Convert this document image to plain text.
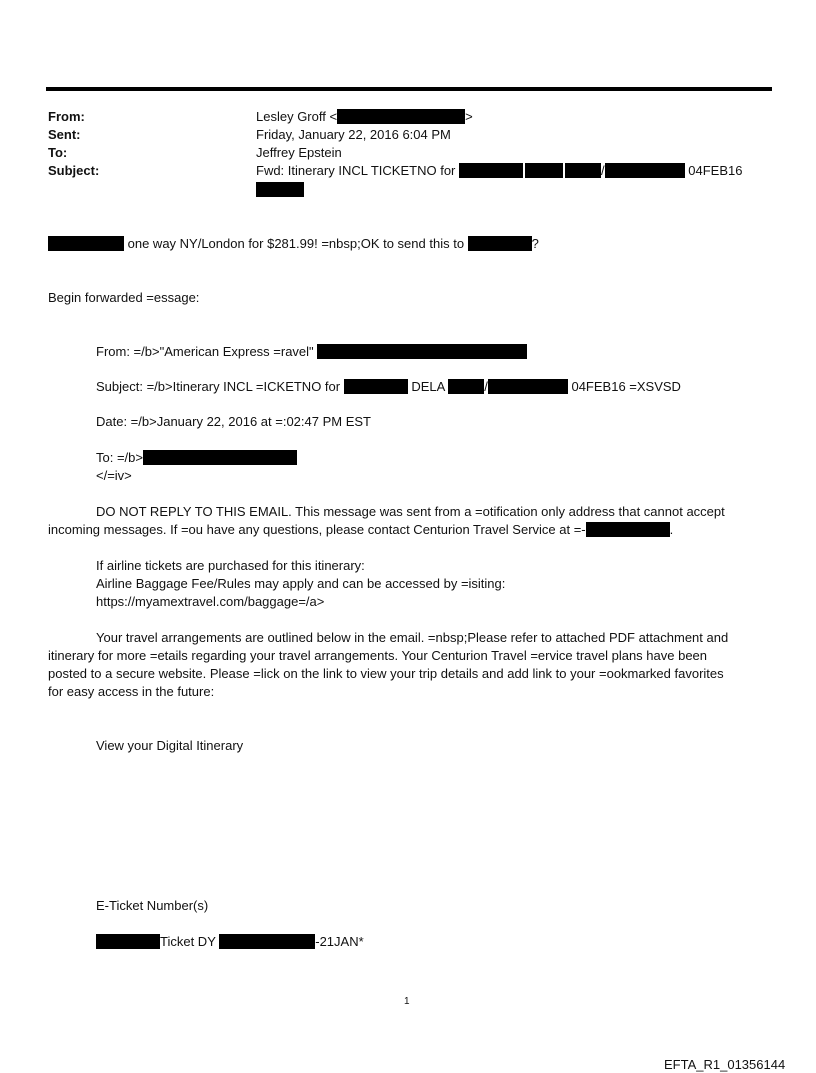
From:	Lesley Groff <	>
Sent:	Friday, January 22, 2016 6:04 PM
To:	Jeffrey Epstein
Subject:	Fwd: Itinerary INCL TICKETNO for	/	04FEB16
one way NY/London for $281.99! =nbsp;OK to send this to	?
Begin forwarded =essage:
From: =/b>"American Express =ravel"
Subject: =/b>Itinerary INCL =ICKETNO for	DELA	/	04FEB16 =XSVSD
Date: =/b>January 22, 2016 at =:02:47 PM EST
To: =/b>
</=iv>
DO NOT REPLY TO THIS EMAIL. This message was sent from a =otification only address that cannot accept
incoming messages. If =ou have any questions, please contact Centurion Travel Service at =-	.
If airline tickets are purchased for this itinerary:
Airline Baggage Fee/Rules may apply and can be accessed by =isiting:
https://myamextravel.com/baggage=/a>
Your travel arrangements are outlined below in the email. =nbsp;Please refer to attached PDF attachment and
itinerary for more =etails regarding your travel arrangements. Your Centurion Travel =ervice travel plans have been
posted to a secure website. Please =lick on the link to view your trip details and add link to your =ookmarked favorites
for easy access in the future:
View your Digital Itinerary
E-Ticket Number(s)
Ticket DY	-21JAN*
1
EFTA_R1_01356144
